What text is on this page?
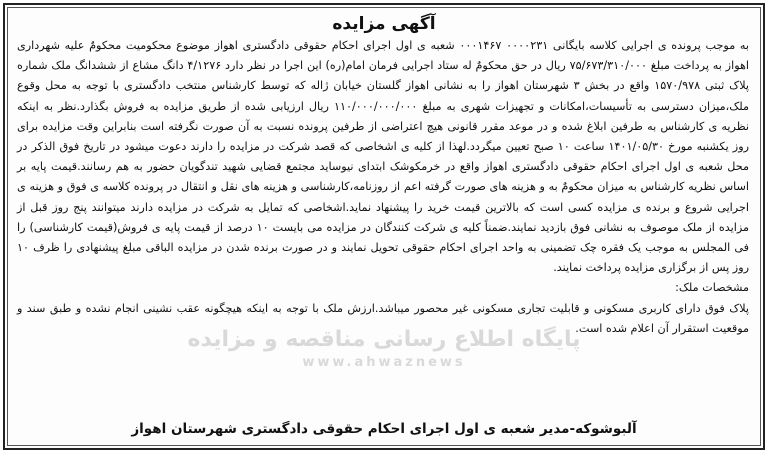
آگهی مزایده
پایگاه اطلاع رسانی مناقصه و مزایده
www.ahwaznews

به موجب پرونده ی اجرایی کلاسه بایگانی ۰۰۰۰۲۳۱ ۰۰۰۱۴۶۷ شعبه ی اول اجرای احکام حقوقی دادگستری اهواز موضوع محکومیت محکومٌ علیه شهرداری اهواز به پرداخت مبلغ ۷۵/۶۷۳/۳۱۰/۰۰۰ ریال در حق محکومٌ له ستاد اجرایی فرمان امام(ره) این اجرا در نظر دارد ۴/۱۲۷۶ دانگ مشاع از ششدانگ ملک شماره پلاک ثبتی ۱۵۷۰/۹۷۸ واقع در بخش ۳ شهرستان اهواز را به نشانی اهواز گلستان خیابان ژاله که توسط کارشناس منتخب دادگستری با توجه به محل وقوع ملک،میزان دسترسی به تأسیسات،امکانات و تجهیزات شهری به مبلغ ۱۱۰/۰۰۰/۰۰۰/۰۰۰ ریال ارزیابی شده از طریق مزایده به فروش بگذارد.نظر به اینکه نظریه ی کارشناس به طرفین ابلاغ شده و در موعد مقرر قانونی هیچ اعتراضی از طرفین پرونده نسبت به آن صورت نگرفته است بنابراین وقت مزایده برای روز یکشنبه مورخ ۱۴۰۱/۰۵/۳۰ ساعت ۱۰ صبح تعیین میگردد.لهذا از کلیه ی اشخاصی که قصد شرکت در مزایده را دارند دعوت میشود در تاریخ فوق الذکر در محل شعبه ی اول اجرای احکام حقوقی دادگستری اهواز واقع در خرمکوشک ابتدای نیوساید مجتمع قضایی شهید تندگویان حضور به هم رسانند.قیمت پایه بر اساس نظریه کارشناس به میزان محکومٌ به و هزینه های صورت گرفته اعم از روزنامه،کارشناسی و هزینه های نقل و انتقال در پرونده کلاسه ی فوق و هزینه ی اجرایی شروع و برنده ی مزایده کسی است که بالاترین قیمت خرید را پیشنهاد نماید.اشخاصی که تمایل به شرکت در مزایده دارند میتوانند پنج روز قبل از مزایده از ملک موصوف به نشانی فوق بازدید نمایند.ضمناً کلیه ی شرکت کنندگان در مزایده می بایست ۱۰ درصد از قیمت پایه ی فروش(قیمت کارشناسی) را فی المجلس به موجب یک فقره چک تضمینی به واحد اجرای احکام حقوقی تحویل نمایند و در صورت برنده شدن در مزایده الباقی مبلغ پیشنهادی را ظرف ۱۰ روز پس از برگزاری مزایده پرداخت نمایند.

مشخصات ملک:

پلاک فوق دارای کاربری مسکونی و قابلیت تجاری مسکونی غیر محصور میباشد.ارزش ملک با توجه به اینکه هیچگونه عقب نشینی انجام نشده و طبق سند و موقعیت استقرار آن اعلام شده است.

آلبوشوکه-مدیر شعبه ی اول اجرای احکام حقوقی دادگستری شهرستان اهواز
